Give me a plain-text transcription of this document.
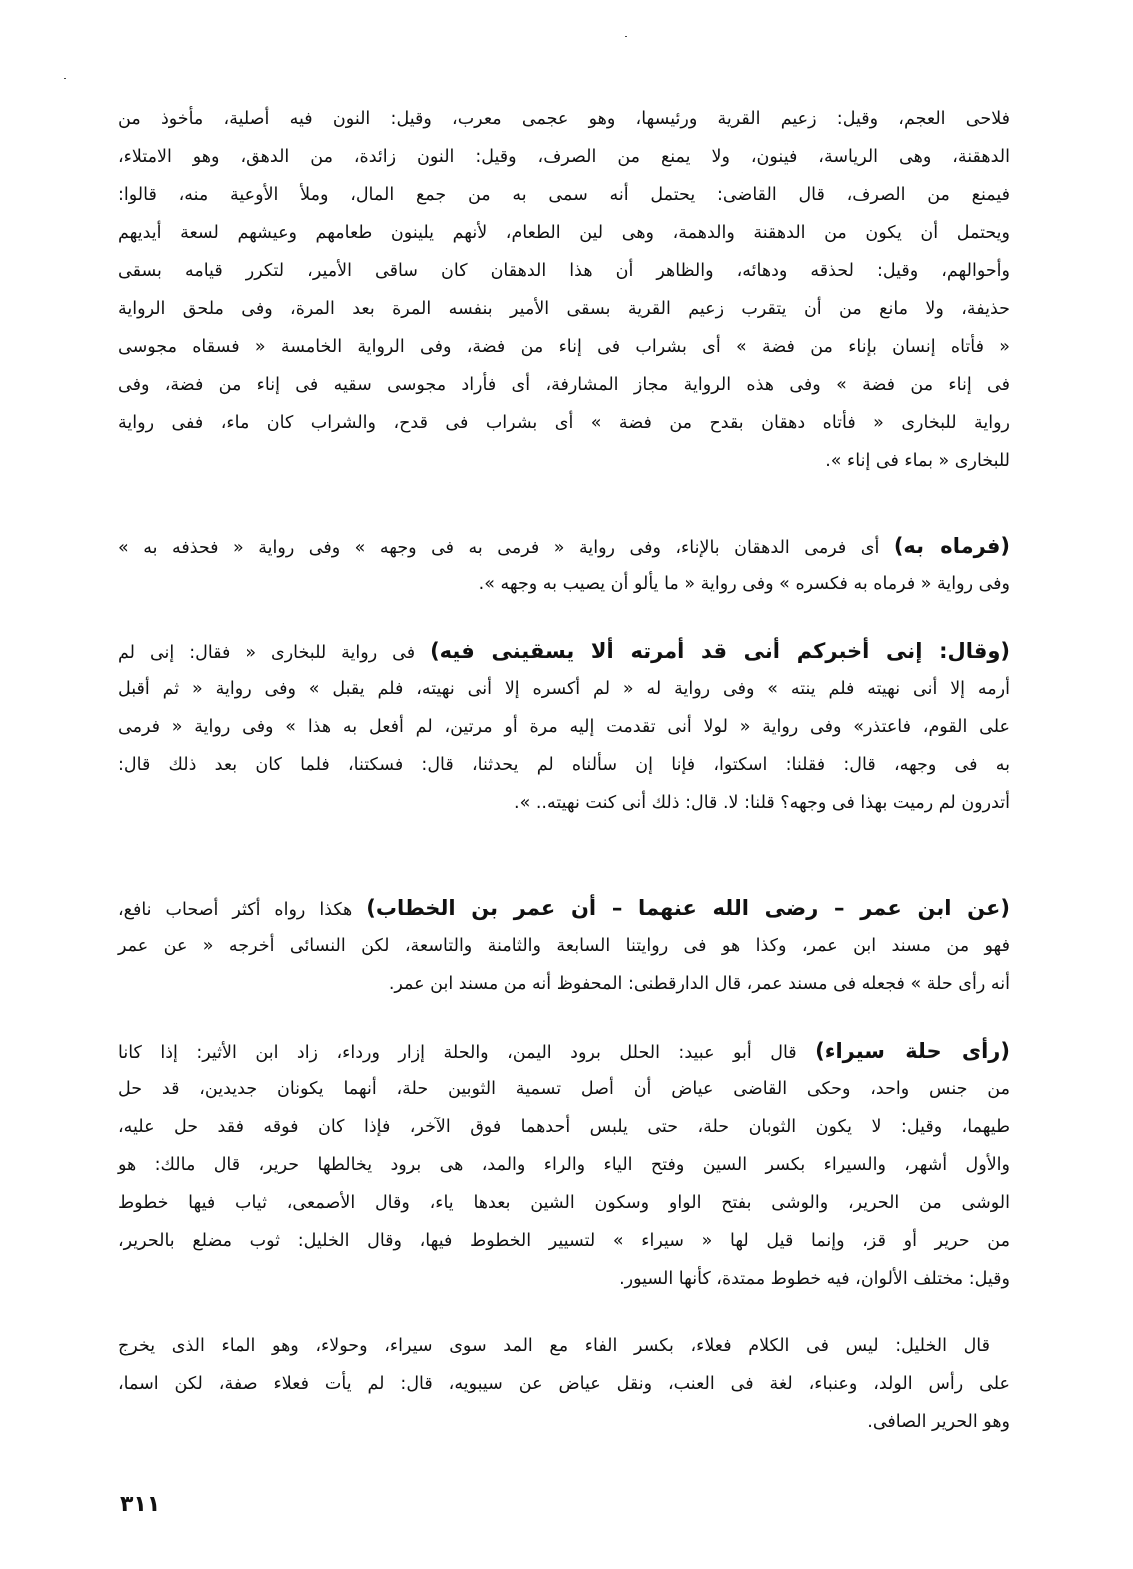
٣١١
فلاحى العجم، وقيل: زعيم القرية ورئيسها، وهو عجمى معرب، وقيل: النون فيه أصلية، مأخوذ من
الدهقنة، وهى الرياسة، فينون، ولا يمنع من الصرف، وقيل: النون زائدة، من الدهق، وهو الامتلاء،
فيمنع من الصرف، قال القاضى: يحتمل أنه سمى به من جمع المال، وملأ الأوعية منه، قالوا:
ويحتمل أن يكون من الدهقنة والدهمة، وهى لين الطعام، لأنهم يلينون طعامهم وعيشهم لسعة أيديهم
وأحوالهم، وقيل: لحذقه ودهائه، والظاهر أن هذا الدهقان كان ساقى الأمير، لتكرر قيامه بسقى
حذيفة، ولا مانع من أن يتقرب زعيم القرية بسقى الأمير بنفسه المرة بعد المرة، وفى ملحق الرواية
« فأتاه إنسان بإناء من فضة » أى بشراب فى إناء من فضة، وفى الرواية الخامسة « فسقاه مجوسى
فى إناء من فضة » وفى هذه الرواية مجاز المشارفة، أى فأراد مجوسى سقيه فى إناء من فضة، وفى
رواية للبخارى « فأتاه دهقان بقدح من فضة » أى بشراب فى قدح، والشراب كان ماء، ففى رواية
للبخارى « بماء فى إناء ».
(فرماه به) أى فرمى الدهقان بالإناء، وفى رواية « فرمى به فى وجهه » وفى رواية « فحذفه به »
وفى رواية « فرماه به فكسره » وفى رواية « ما يألو أن يصيب به وجهه ».
(وقال: إنى أخبركم أنى قد أمرته ألا يسقينى فيه) فى رواية للبخارى « فقال: إنى لم
أرمه إلا أنى نهيته فلم ينته » وفى رواية له « لم أكسره إلا أنى نهيته، فلم يقبل » وفى رواية « ثم أقبل
على القوم، فاعتذر» وفى رواية « لولا أنى تقدمت إليه مرة أو مرتين، لم أفعل به هذا » وفى رواية « فرمى
به فى وجهه، قال: فقلنا: اسكتوا، فإنا إن سألناه لم يحدثنا، قال: فسكتنا، فلما كان بعد ذلك قال:
أتدرون لم رميت بهذا فى وجهه؟ قلنا: لا. قال: ذلك أنى كنت نهيته.. ».
(عن ابن عمر – رضى الله عنهما – أن عمر بن الخطاب) هكذا رواه أكثر أصحاب نافع،
فهو من مسند ابن عمر، وكذا هو فى روايتنا السابعة والثامنة والتاسعة، لكن النسائى أخرجه « عن عمر
أنه رأى حلة » فجعله فى مسند عمر، قال الدارقطنى: المحفوظ أنه من مسند ابن عمر.
(رأى حلة سيراء) قال أبو عبيد: الحلل برود اليمن، والحلة إزار ورداء، زاد ابن الأثير: إذا كانا
من جنس واحد، وحكى القاضى عياض أن أصل تسمية الثوبين حلة، أنهما يكونان جديدين، قد حل
طيهما، وقيل: لا يكون الثوبان حلة، حتى يلبس أحدهما فوق الآخر، فإذا كان فوقه فقد حل عليه،
والأول أشهر، والسيراء بكسر السين وفتح الياء والراء والمد، هى برود يخالطها حرير، قال مالك: هو
الوشى من الحرير، والوشى بفتح الواو وسكون الشين بعدها ياء، وقال الأصمعى، ثياب فيها خطوط
من حرير أو قز، وإنما قيل لها « سيراء » لتسيير الخطوط فيها، وقال الخليل: ثوب مضلع بالحرير،
وقيل: مختلف الألوان، فيه خطوط ممتدة، كأنها السيور.
قال الخليل: ليس فى الكلام فعلاء، بكسر الفاء مع المد سوى سيراء، وحولاء، وهو الماء الذى يخرج
على رأس الولد، وعنباء، لغة فى العنب، ونقل عياض عن سيبويه، قال: لم يأت فعلاء صفة، لكن اسما،
وهو الحرير الصافى.
